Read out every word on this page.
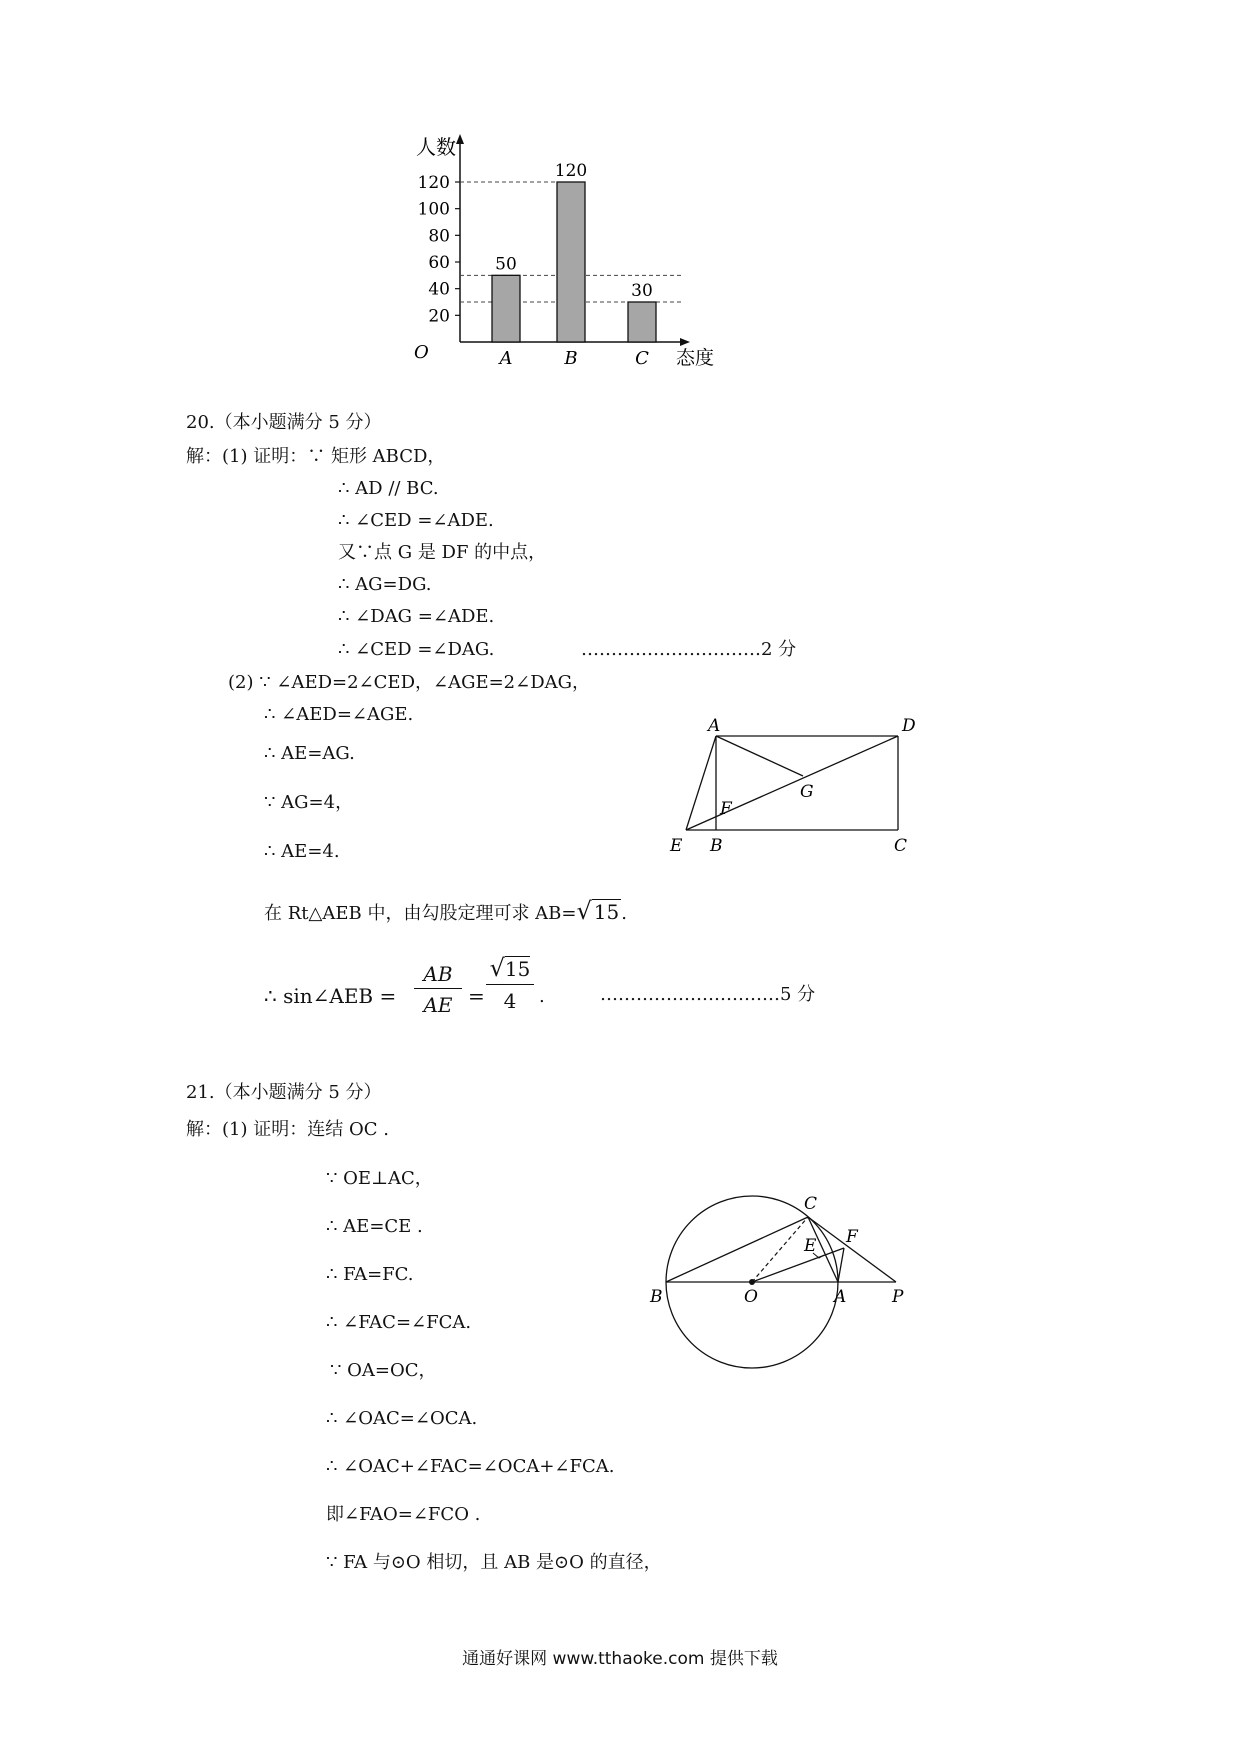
人数
态度
O
20
40
60
80
100
120
50
A
120
B
30
C
20.（本小题满分 5 分）
解：(1) 证明：∵ 矩形 ABCD，
∴ AD // BC.
∴ ∠CED =∠ADE.
又∵点 G 是 DF 的中点，
∴ AG=DG.
∴ ∠DAG =∠ADE.
∴ ∠CED =∠DAG.	…………………………2 分
(2) ∵ ∠AED=2∠CED，∠AGE=2∠DAG，
∴ ∠AED=∠AGE.
∴ AE=AG.
∵ AG=4，
∴ AE=4.
在 Rt△AEB 中，由勾股定理可求 AB=√ 15 .
∴ sin∠AEB = $\frac{AB}{AE} = \frac{√15}{4}$ .	…………………………5 分
A	D
G
F
E B	C
21.（本小题满分 5 分）
解：(1) 证明：连结 OC .
∵ OE⊥AC，
∴ AE=CE .
∴ FA=FC.
∴ ∠FAC=∠FCA.
∵ OA=OC，
∴ ∠OAC=∠OCA.
∴ ∠OAC+∠FAC=∠OCA+∠FCA.
即∠FAO=∠FCO .
∵ FA 与⊙O 相切，且 AB 是⊙O 的直径，
C
F
E
B	O	A	P
通通好课网 www.tthaoke.com 提供下载
